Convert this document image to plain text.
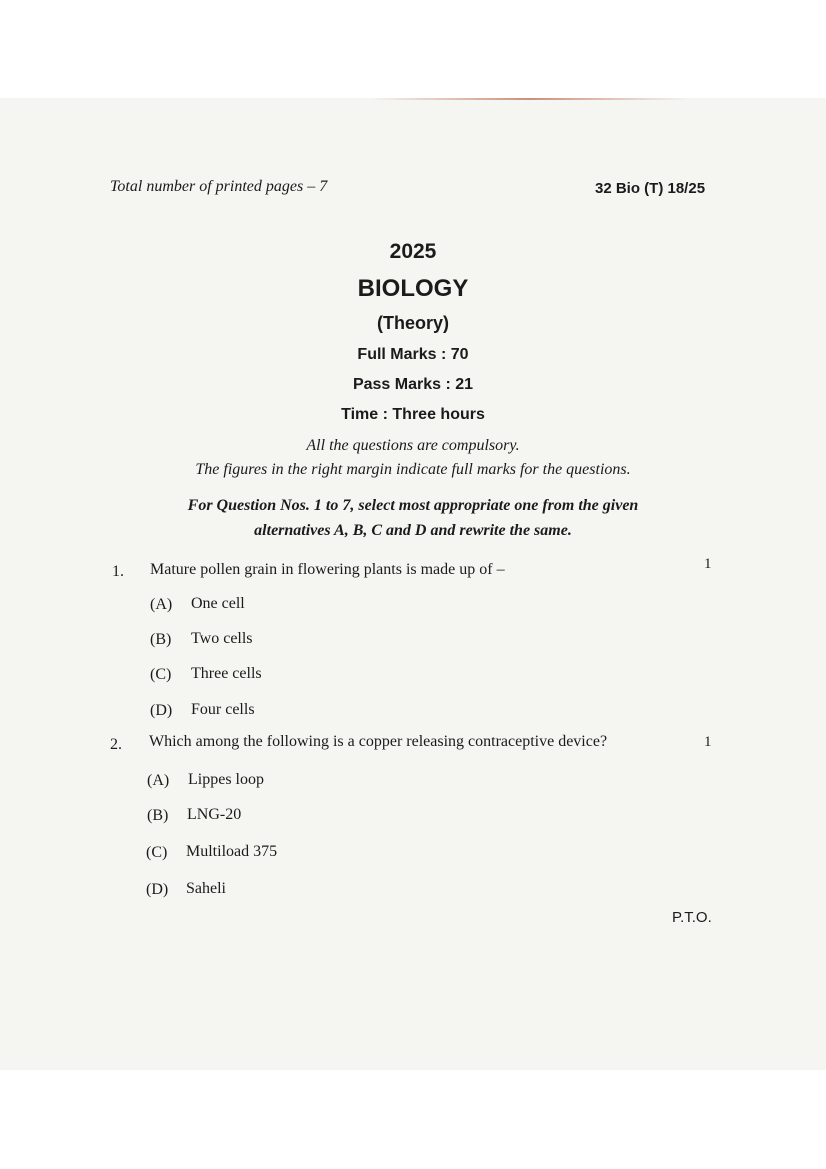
Total number of printed pages – 7	32 Bio (T) 18/25
2025
BIOLOGY
(Theory)
Full Marks : 70
Pass Marks : 21
Time : Three hours
All the questions are compulsory.
The figures in the right margin indicate full marks for the questions.
For Question Nos. 1 to 7, select most appropriate one from the given
alternatives A, B, C and D and rewrite the same.
1. Mature pollen grain in flowering plants is made up of –	1
(A) One cell
(B) Two cells
(C) Three cells
(D) Four cells
2. Which among the following is a copper releasing contraceptive device?	1
(A) Lippes loop
(B) LNG-20
(C) Multiload 375
(D) Saheli
P.T.O.
